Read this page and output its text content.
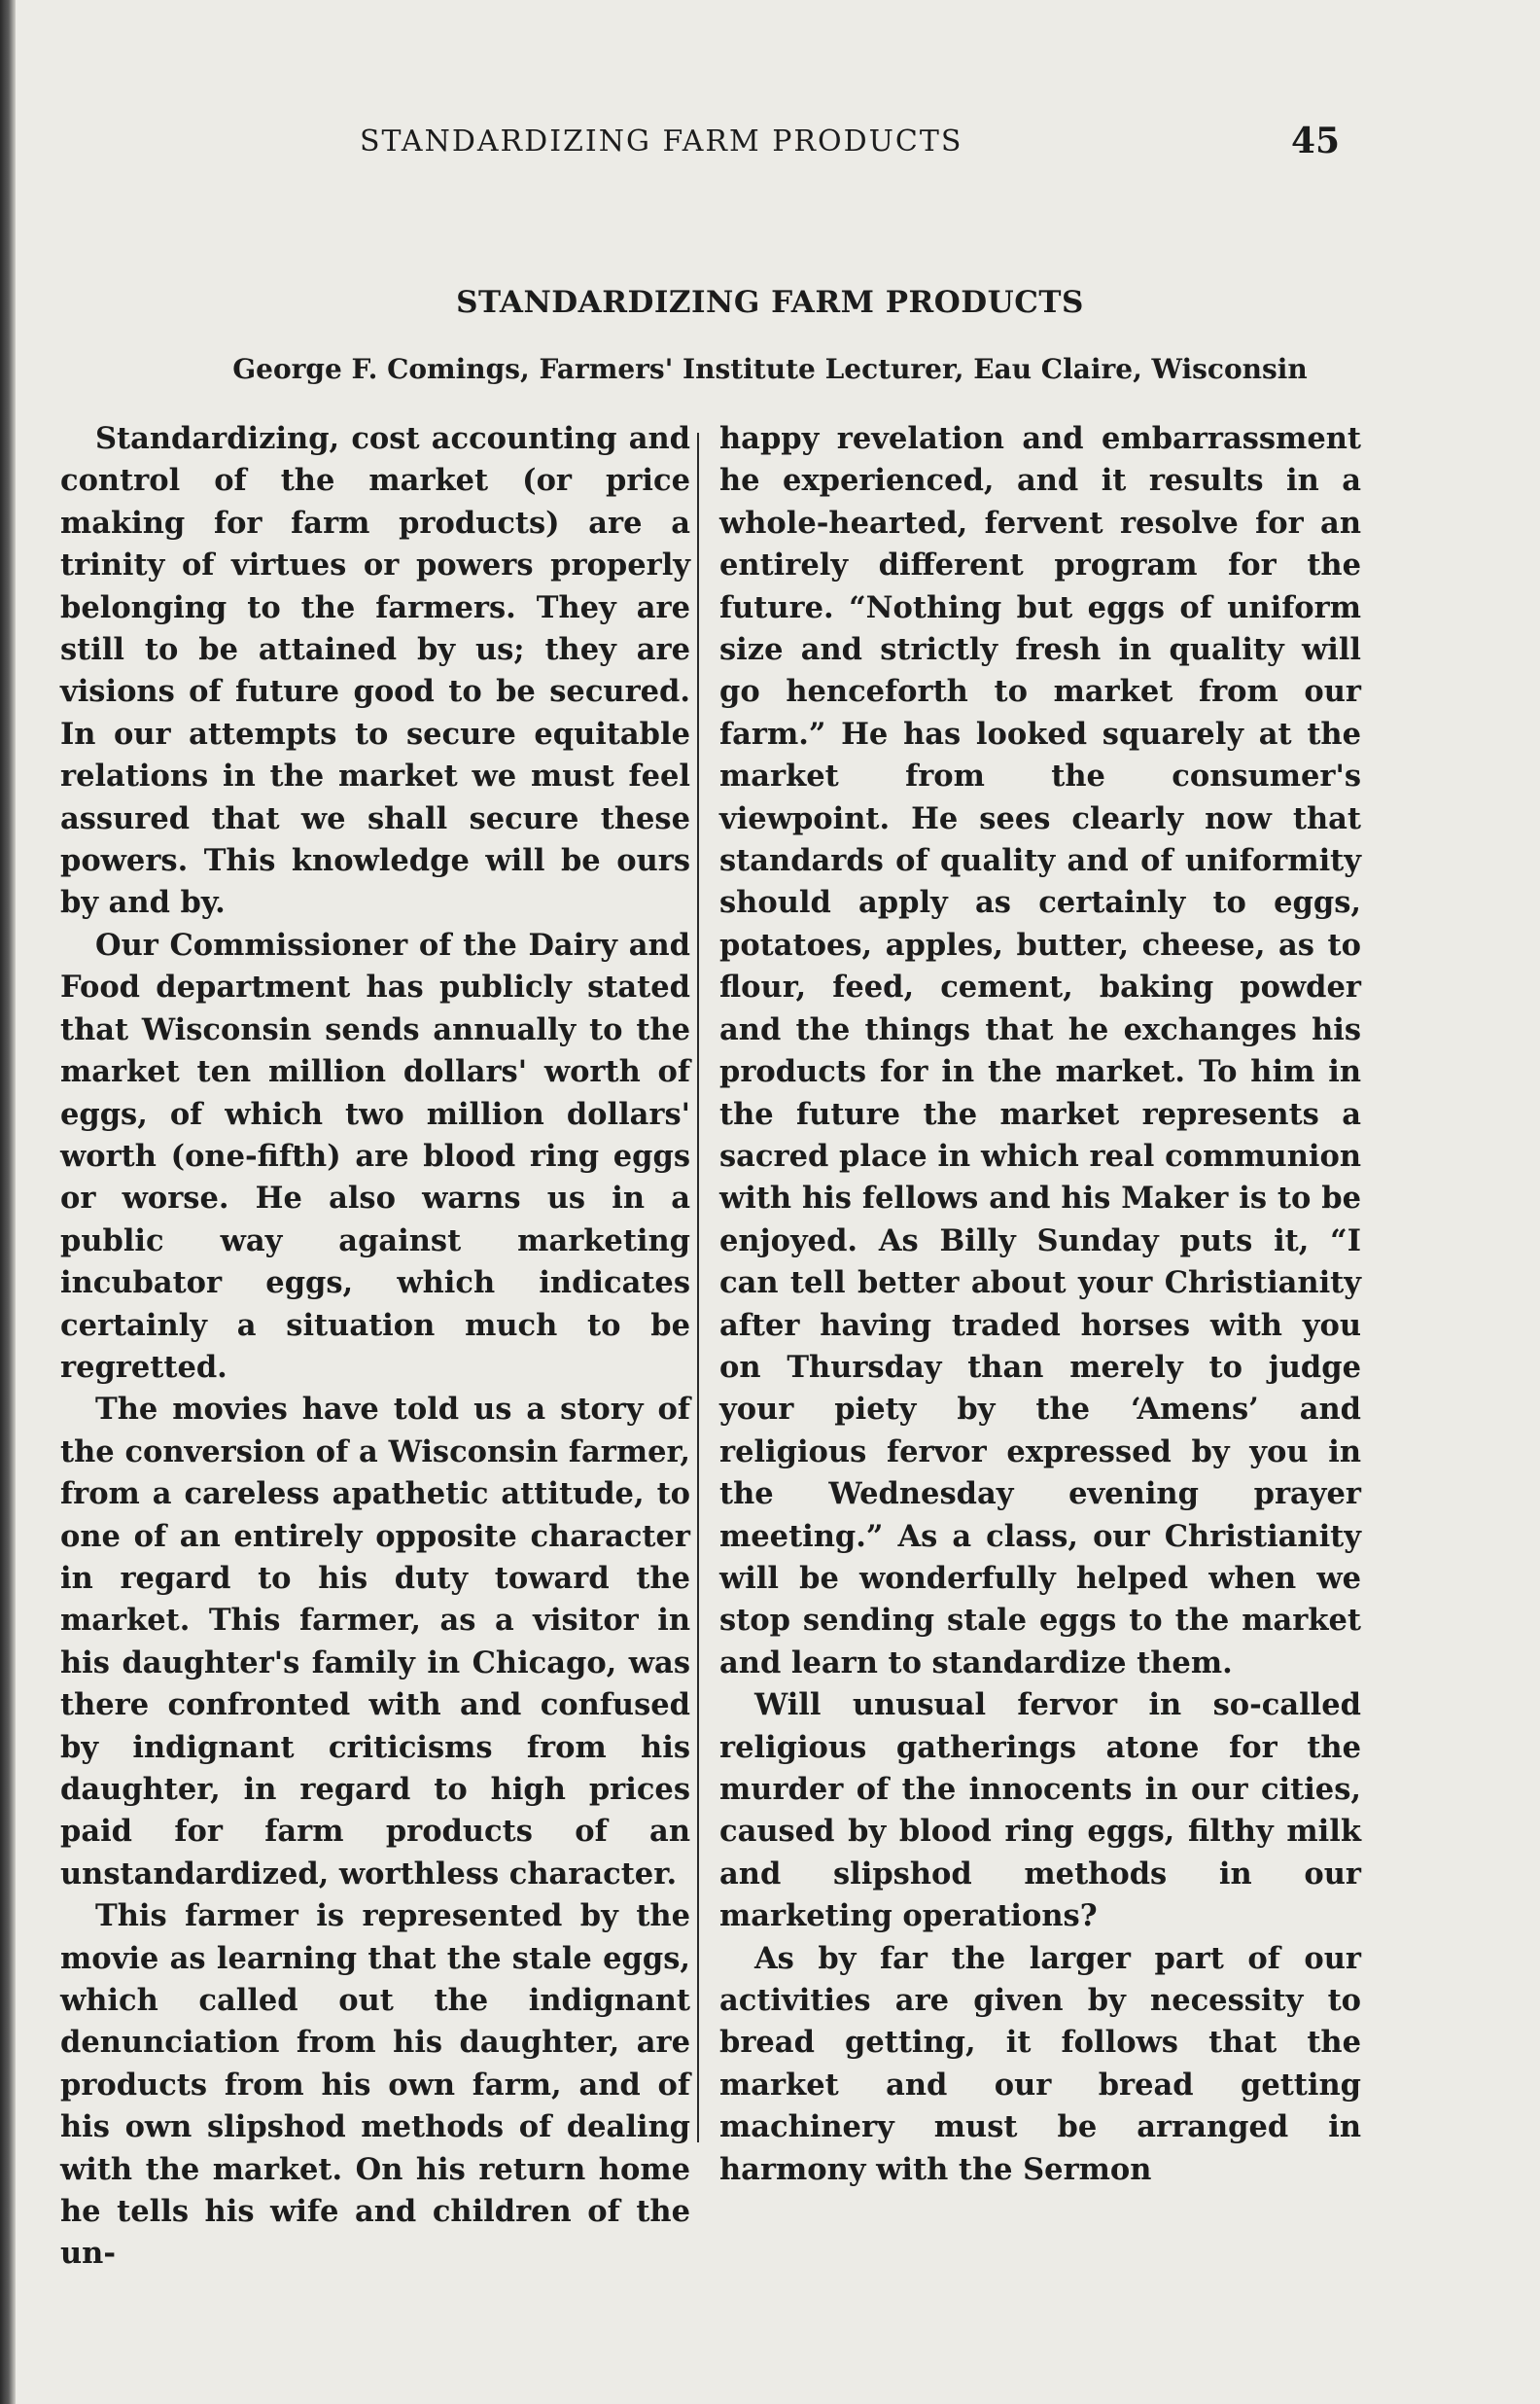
STANDARDIZING FARM PRODUCTS	45
STANDARDIZING FARM PRODUCTS
George F. Comings, Farmers' Institute Lecturer, Eau Claire, Wisconsin

Standardizing, cost accounting and control of the market (or price making for farm products) are a trinity of virtues or powers properly belonging to the farmers. They are still to be attained by us; they are visions of future good to be secured. In our attempts to secure equitable relations in the market we must feel assured that we shall secure these powers. This knowledge will be ours by and by.

Our Commissioner of the Dairy and Food department has publicly stated that Wisconsin sends annually to the market ten million dollars' worth of eggs, of which two million dollars' worth (one-fifth) are blood ring eggs or worse. He also warns us in a public way against marketing incubator eggs, which indicates certainly a situation much to be regretted.

The movies have told us a story of the conversion of a Wisconsin farmer, from a careless apathetic attitude, to one of an entirely opposite character in regard to his duty toward the market. This farmer, as a visitor in his daughter's family in Chicago, was there confronted with and confused by indignant criticisms from his daughter, in regard to high prices paid for farm products of an unstandardized, worthless character.

This farmer is represented by the movie as learning that the stale eggs, which called out the indignant denunciation from his daughter, are products from his own farm, and of his own slipshod methods of dealing with the market. On his return home he tells his wife and children of the un-

happy revelation and embarrassment he experienced, and it results in a whole-hearted, fervent resolve for an entirely different program for the future. “Nothing but eggs of uniform size and strictly fresh in quality will go henceforth to market from our farm.” He has looked squarely at the market from the consumer's viewpoint. He sees clearly now that standards of quality and of uniformity should apply as certainly to eggs, potatoes, apples, butter, cheese, as to flour, feed, cement, baking powder and the things that he exchanges his products for in the market. To him in the future the market represents a sacred place in which real communion with his fellows and his Maker is to be enjoyed. As Billy Sunday puts it, “I can tell better about your Christianity after having traded horses with you on Thursday than merely to judge your piety by the ‘Amens’ and religious fervor expressed by you in the Wednesday evening prayer meeting.” As a class, our Christianity will be wonderfully helped when we stop sending stale eggs to the market and learn to standardize them.

Will unusual fervor in so-called religious gatherings atone for the murder of the innocents in our cities, caused by blood ring eggs, filthy milk and slipshod methods in our marketing operations?

As by far the larger part of our activities are given by necessity to bread getting, it follows that the market and our bread getting machinery must be arranged in harmony with the Sermon
